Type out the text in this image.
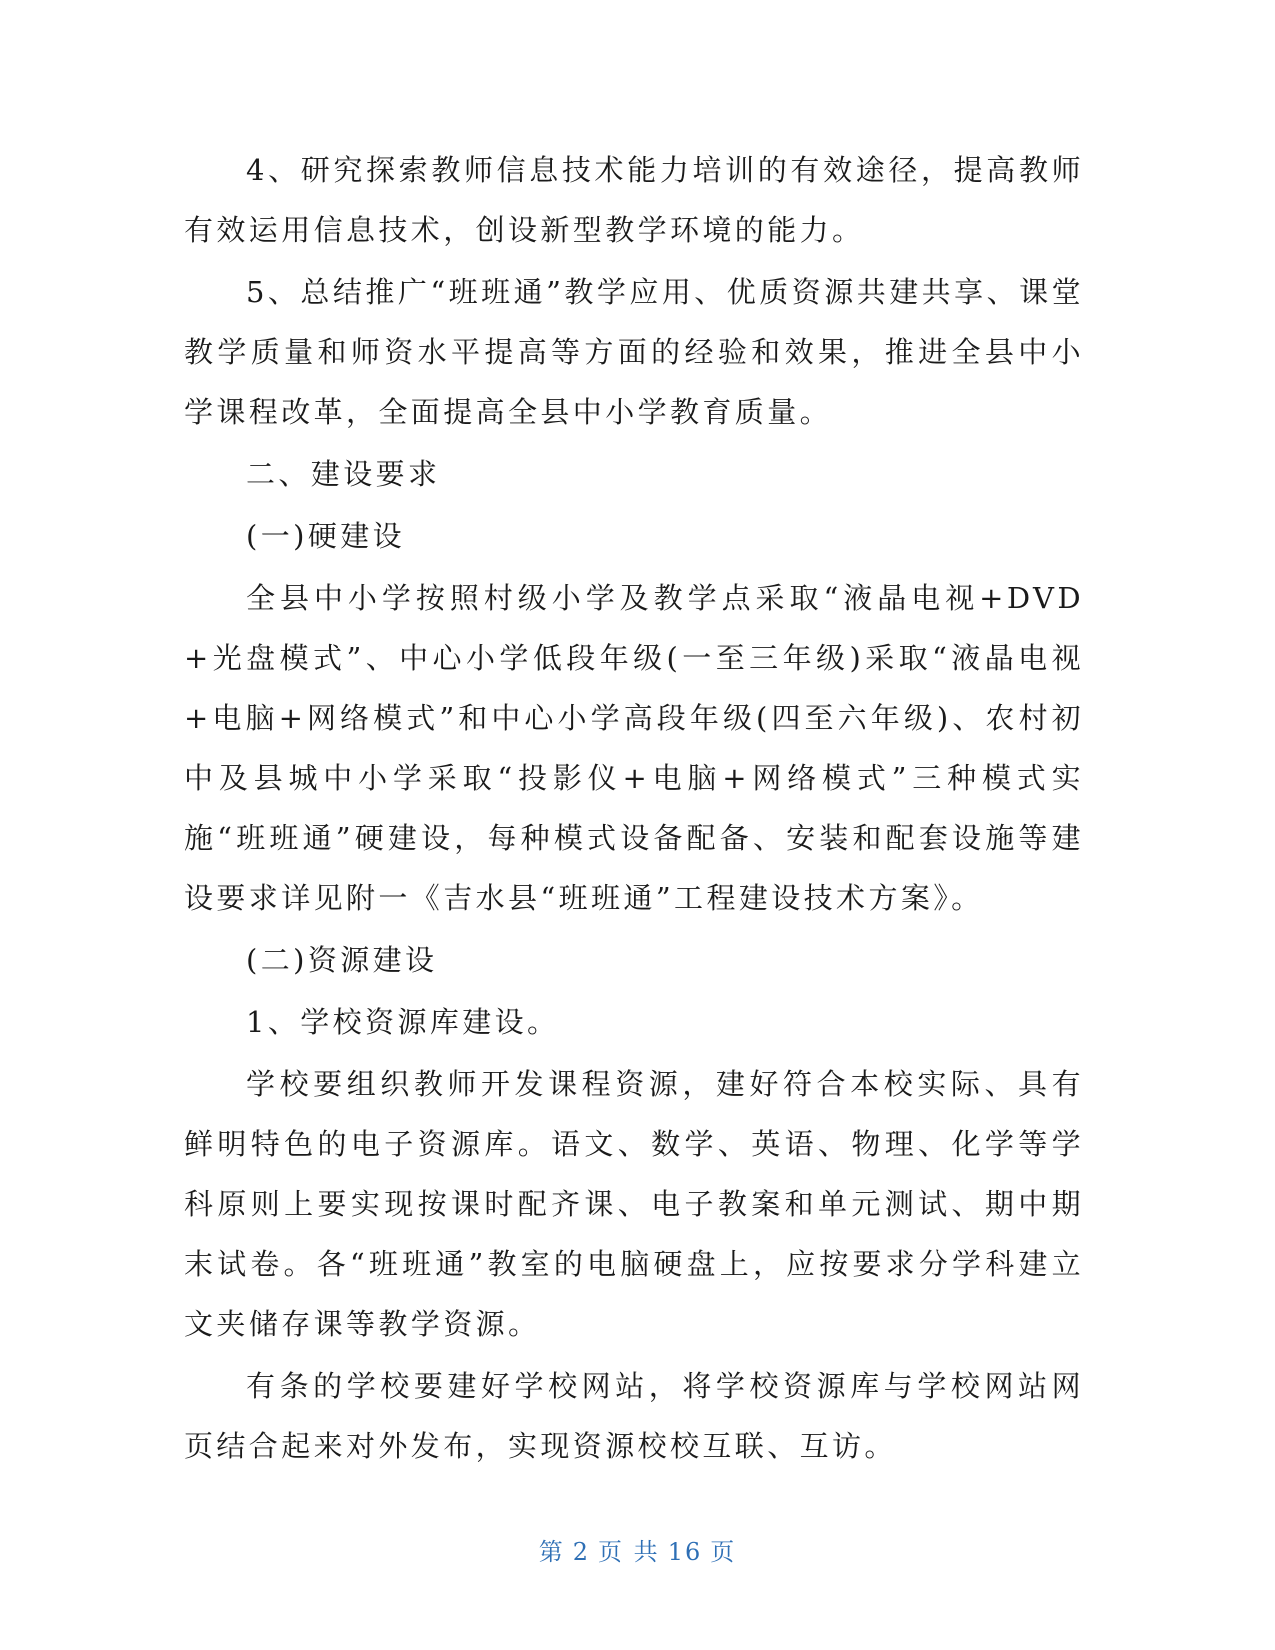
4、研究探索教师信息技术能力培训的有效途径，提高教师有效运用信息技术，创设新型教学环境的能力。

5、总结推广“班班通”教学应用、优质资源共建共享、课堂教学质量和师资水平提高等方面的经验和效果，推进全县中小学课程改革，全面提高全县中小学教育质量。

二、建设要求

(一)硬建设

全县中小学按照村级小学及教学点采取“液晶电视+DVD+光盘模式”、中心小学低段年级(一至三年级)采取“液晶电视+电脑+网络模式”和中心小学高段年级(四至六年级)、农村初中及县城中小学采取“投影仪+电脑+网络模式”三种模式实施“班班通”硬建设，每种模式设备配备、安装和配套设施等建设要求详见附一《吉水县“班班通”工程建设技术方案》。

(二)资源建设

1、学校资源库建设。

学校要组织教师开发课程资源，建好符合本校实际、具有鲜明特色的电子资源库。语文、数学、英语、物理、化学等学科原则上要实现按课时配齐课、电子教案和单元测试、期中期末试卷。各“班班通”教室的电脑硬盘上，应按要求分学科建立文夹储存课等教学资源。

有条的学校要建好学校网站，将学校资源库与学校网站网页结合起来对外发布，实现资源校校互联、互访。

第 2 页 共 16 页
